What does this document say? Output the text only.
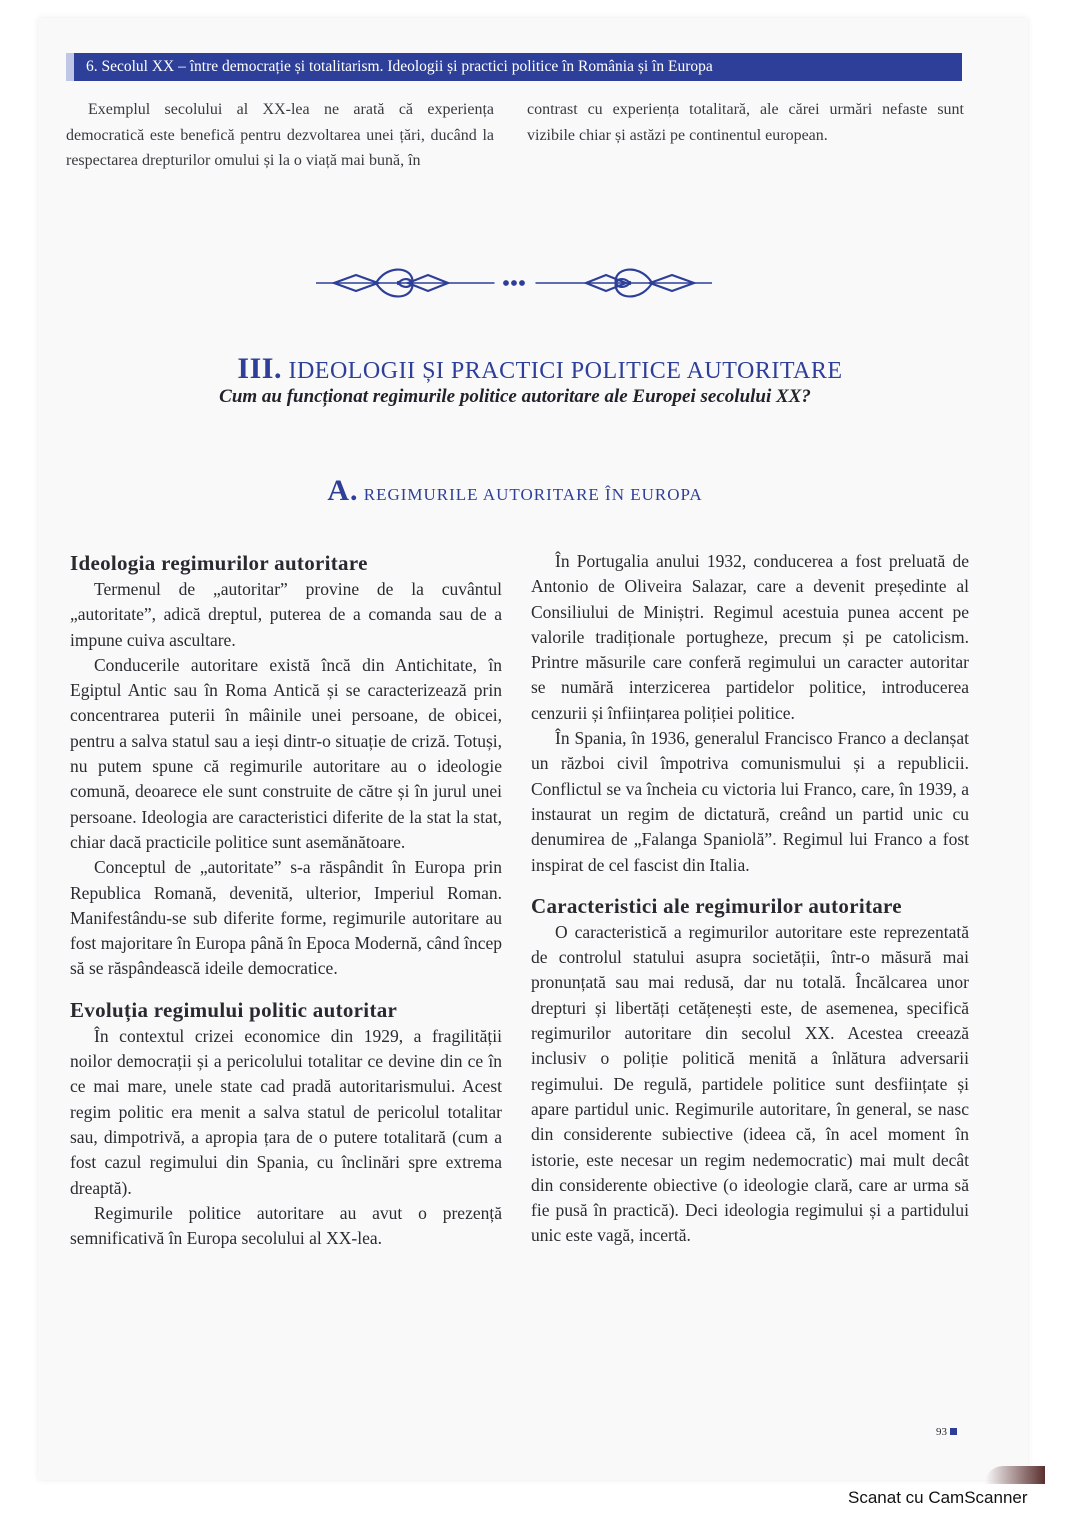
6. Secolul XX – între democrație și totalitarism. Ideologii și practici politice în România și în Europa
Exemplul secolului al XX-lea ne arată că experiența democratică este benefică pentru dezvoltarea unei țări, ducând la respectarea drepturilor omului și la o viață mai bună, în
contrast cu experiența totalitară, ale cărei urmări nefaste sunt vizibile chiar și astăzi pe continentul european.
III. IDEOLOGII ȘI PRACTICI POLITICE AUTORITARE
Cum au funcționat regimurile politice autoritare ale Europei secolului XX?
A. REGIMURILE AUTORITARE ÎN EUROPA
Ideologia regimurilor autoritare

Termenul de „autoritar” provine de la cuvântul „autoritate”, adică dreptul, puterea de a comanda sau de a impune cuiva ascultare.

Conducerile autoritare există încă din Antichitate, în Egiptul Antic sau în Roma Antică și se caracterizează prin concentrarea puterii în mâinile unei persoane, de obicei, pentru a salva statul sau a ieși dintr-o situație de criză. Totuși, nu putem spune că regimurile autoritare au o ideologie comună, deoarece ele sunt construite de către și în jurul unei persoane. Ideologia are caracteristici diferite de la stat la stat, chiar dacă practicile politice sunt asemănătoare.

Conceptul de „autoritate” s-a răspândit în Europa prin Republica Romană, devenită, ulterior, Imperiul Roman. Manifestându-se sub diferite forme, regimurile autoritare au fost majoritare în Europa până în Epoca Modernă, când încep să se răspândească ideile democratice.

Evoluția regimului politic autoritar

În contextul crizei economice din 1929, a fragilității noilor democrații și a pericolului totalitar ce devine din ce în ce mai mare, unele state cad pradă autoritarismului. Acest regim politic era menit a salva statul de pericolul totalitar sau, dimpotrivă, a apropia țara de o putere totalitară (cum a fost cazul regimului din Spania, cu înclinări spre extrema dreaptă).

Regimurile politice autoritare au avut o prezență semnificativă în Europa secolului al XX-lea.

În Portugalia anului 1932, conducerea a fost preluată de Antonio de Oliveira Salazar, care a devenit președinte al Consiliului de Miniștri. Regimul acestuia punea accent pe valorile tradiționale portugheze, precum și pe catolicism. Printre măsurile care conferă regimului un caracter autoritar se numără interzicerea partidelor politice, introducerea cenzurii și înființarea poliției politice.

În Spania, în 1936, generalul Francisco Franco a declanșat un război civil împotriva comunismului și a republicii. Conflictul se va încheia cu victoria lui Franco, care, în 1939, a instaurat un regim de dictatură, creând un partid unic cu denumirea de „Falanga Spaniolă”. Regimul lui Franco a fost inspirat de cel fascist din Italia.

Caracteristici ale regimurilor autoritare

O caracteristică a regimurilor autoritare este reprezentată de controlul statului asupra societății, într-o măsură mai pronunțată sau mai redusă, dar nu totală. Încălcarea unor drepturi și libertăți cetățenești este, de asemenea, specifică regimurilor autoritare din secolul XX. Acestea creează inclusiv o poliție politică menită a înlătura adversarii regimului. De regulă, partidele politice sunt desființate și apare partidul unic. Regimurile autoritare, în general, se nasc din considerente subiective (ideea că, în acel moment în istorie, este necesar un regim nedemocratic) mai mult decât din considerente obiective (o ideologie clară, care ar urma să fie pusă în practică). Deci ideologia regimului și a partidului unic este vagă, incertă.

93
Scanat cu CamScanner
